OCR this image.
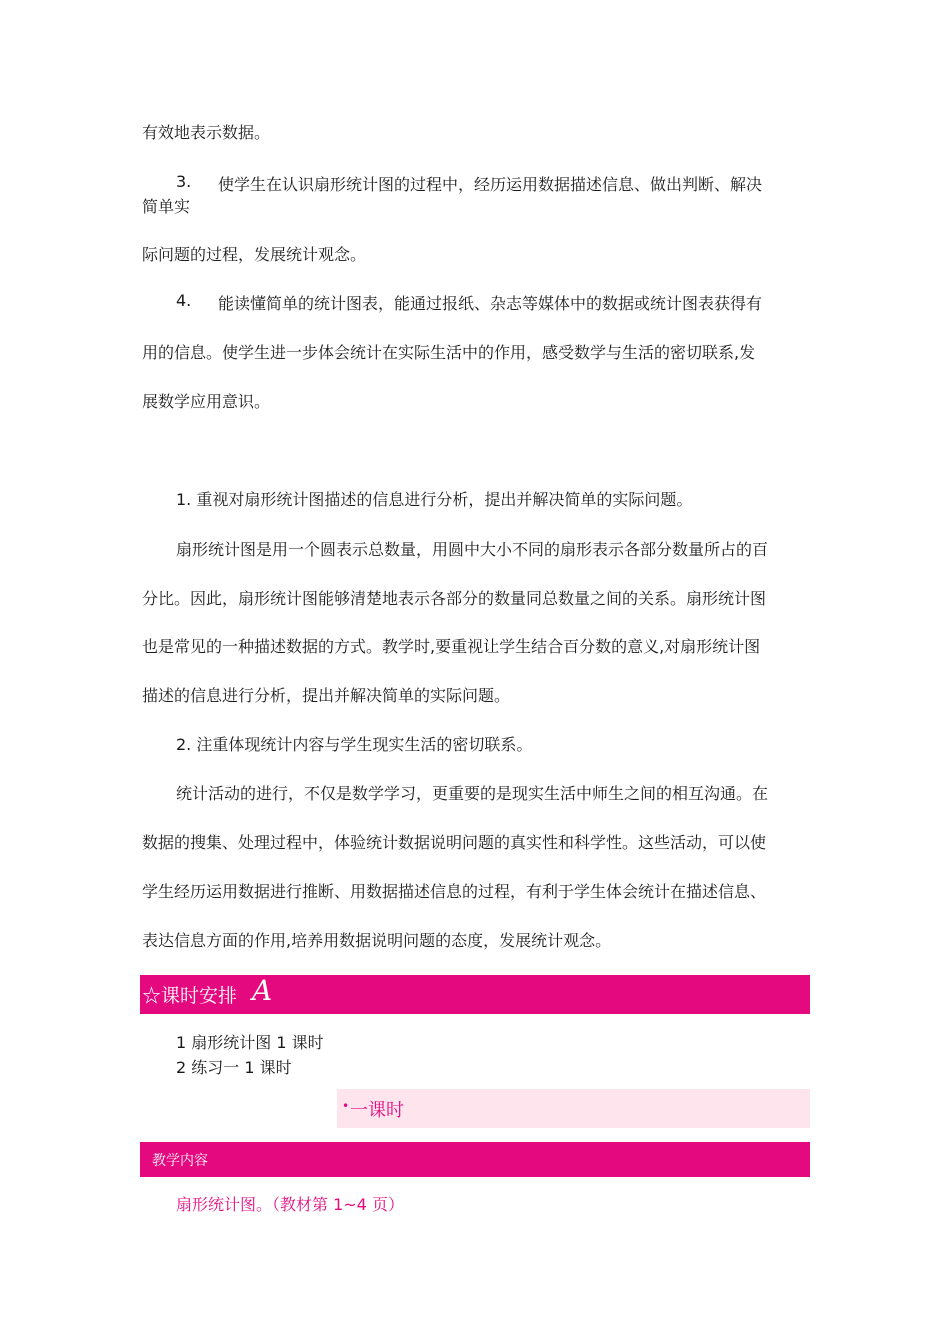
有效地表示数据。
3. 使学生在认识扇形统计图的过程中，经历运用数据描述信息、做出判断、解决
简单实
际问题的过程，发展统计观念。
4. 能读懂简单的统计图表，能通过报纸、杂志等媒体中的数据或统计图表获得有
用的信息。使学生进一步体会统计在实际生活中的作用，感受数学与生活的密切联系,发
展数学应用意识。
1. 重视对扇形统计图描述的信息进行分析，提出并解决简单的实际问题。
扇形统计图是用一个圆表示总数量，用圆中大小不同的扇形表示各部分数量所占的百
分比。因此，扇形统计图能够清楚地表示各部分的数量同总数量之间的关系。扇形统计图
也是常见的一种描述数据的方式。教学时,要重视让学生结合百分数的意义,对扇形统计图
描述的信息进行分析，提出并解决简单的实际问题。
2. 注重体现统计内容与学生现实生活的密切联系。
统计活动的进行，不仅是数学学习，更重要的是现实生活中师生之间的相互沟通。在
数据的搜集、处理过程中，体验统计数据说明问题的真实性和科学性。这些活动，可以使
学生经历运用数据进行推断、用数据描述信息的过程，有利于学生体会统计在描述信息、
表达信息方面的作用,培养用数据说明问题的态度，发展统计观念。
☆课时安排 A
1 扇形统计图 1 课时
2 练习一 1 课时
• 一课时
教学内容
扇形统计图。（教材第 1~4 页）
